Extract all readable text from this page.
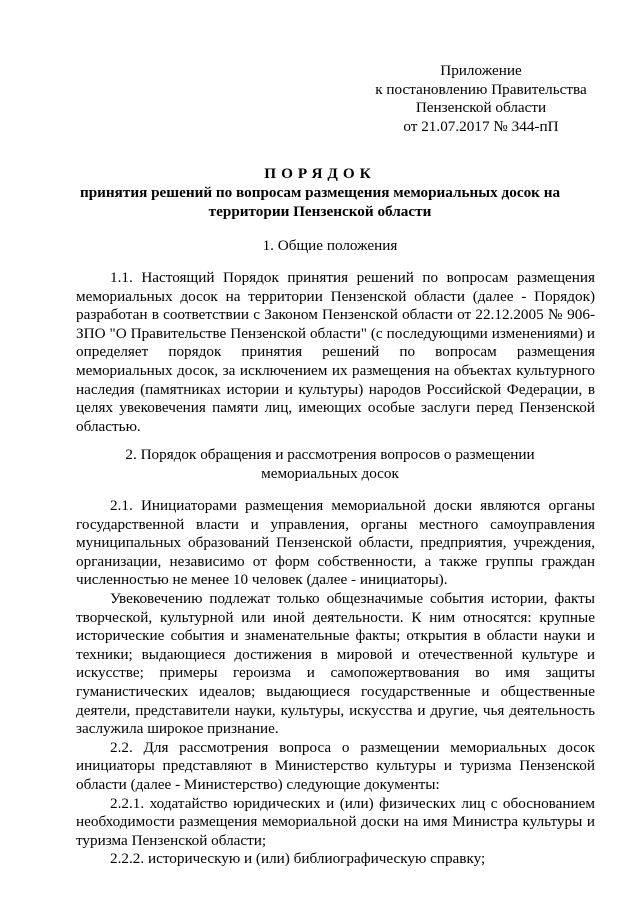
Приложение
к постановлению Правительства
Пензенской области
от 21.07.2017 № 344-пП
ПОРЯДОК
принятия решений по вопросам размещения мемориальных досок на территории Пензенской области
1. Общие положения

1.1. Настоящий Порядок принятия решений по вопросам размещения мемориальных досок на территории Пензенской области (далее - Порядок) разработан в соответствии с Законом Пензенской области от 22.12.2005 № 906-ЗПО "О Правительстве Пензенской области" (с последующими изменениями) и определяет порядок принятия решений по вопросам размещения мемориальных досок, за исключением их размещения на объектах культурного наследия (памятниках истории и культуры) народов Российской Федерации, в целях увековечения памяти лиц, имеющих особые заслуги перед Пензенской областью.

2. Порядок обращения и рассмотрения вопросов о размещении мемориальных досок

2.1. Инициаторами размещения мемориальной доски являются органы государственной власти и управления, органы местного самоуправления муниципальных образований Пензенской области, предприятия, учреждения, организации, независимо от форм собственности, а также группы граждан численностью не менее 10 человек (далее - инициаторы).

Увековечению подлежат только общезначимые события истории, факты творческой, культурной или иной деятельности. К ним относятся: крупные исторические события и знаменательные факты; открытия в области науки и техники; выдающиеся достижения в мировой и отечественной культуре и искусстве; примеры героизма и самопожертвования во имя защиты гуманистических идеалов; выдающиеся государственные и общественные деятели, представители науки, культуры, искусства и другие, чья деятельность заслужила широкое признание.

2.2. Для рассмотрения вопроса о размещении мемориальных досок инициаторы представляют в Министерство культуры и туризма Пензенской области (далее - Министерство) следующие документы:

2.2.1. ходатайство юридических и (или) физических лиц с обоснованием необходимости размещения мемориальной доски на имя Министра культуры и туризма Пензенской области;

2.2.2. историческую и (или) библиографическую справку;
